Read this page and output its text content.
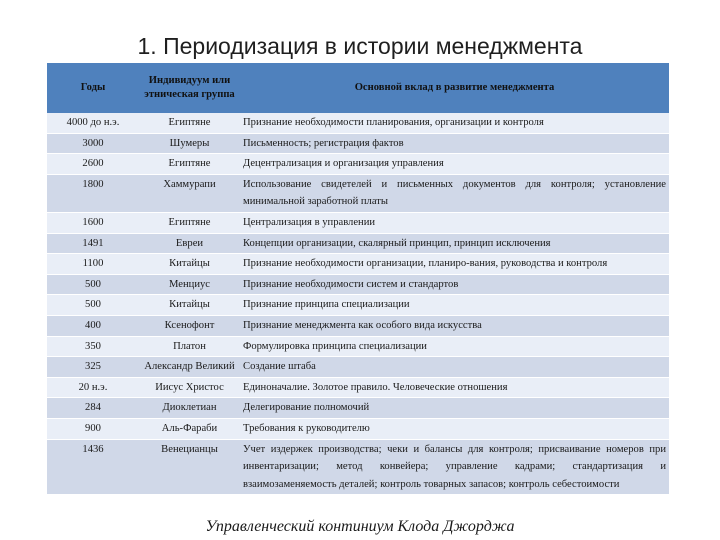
1. Периодизация в истории менеджмента
Годы	Индивидуум или этническая группа	Основной вклад в развитие менеджмента
4000 до н.э.	Египтяне	Признание необходимости планирования, организации и контроля
3000	Шумеры	Письменность; регистрация фактов
2600	Египтяне	Децентрализация и организация управления
1800	Хаммурапи	Использование свидетелей и письменных документов для контроля; установление минимальной заработной платы
1600	Египтяне	Централизация в управлении
1491	Евреи	Концепции организации, скалярный принцип, принцип исключения
1100	Китайцы	Признание необходимости организации, планиро-вания, руководства и контроля
500	Менциус	Признание необходимости систем и стандартов
500	Китайцы	Признание принципа специализации
400	Ксенофонт	Признание менеджмента как особого вида искусства
350	Платон	Формулировка принципа специализации
325	Александр Великий	Создание штаба
20 н.э.	Иисус Христос	Единоначалие. Золотое правило. Человеческие отношения
284	Диоклетиан	Делегирование полномочий
900	Аль-Фараби	Требования к руководителю
1436	Венецианцы	Учет издержек производства; чеки и балансы для контроля; присваивание номеров при инвентаризации; метод конвейера; управление кадрами; стандартизация и взаимозаменяемость деталей; контроль товарных запасов; контроль себестоимости
Управленческий континиум Клода Джорджа
